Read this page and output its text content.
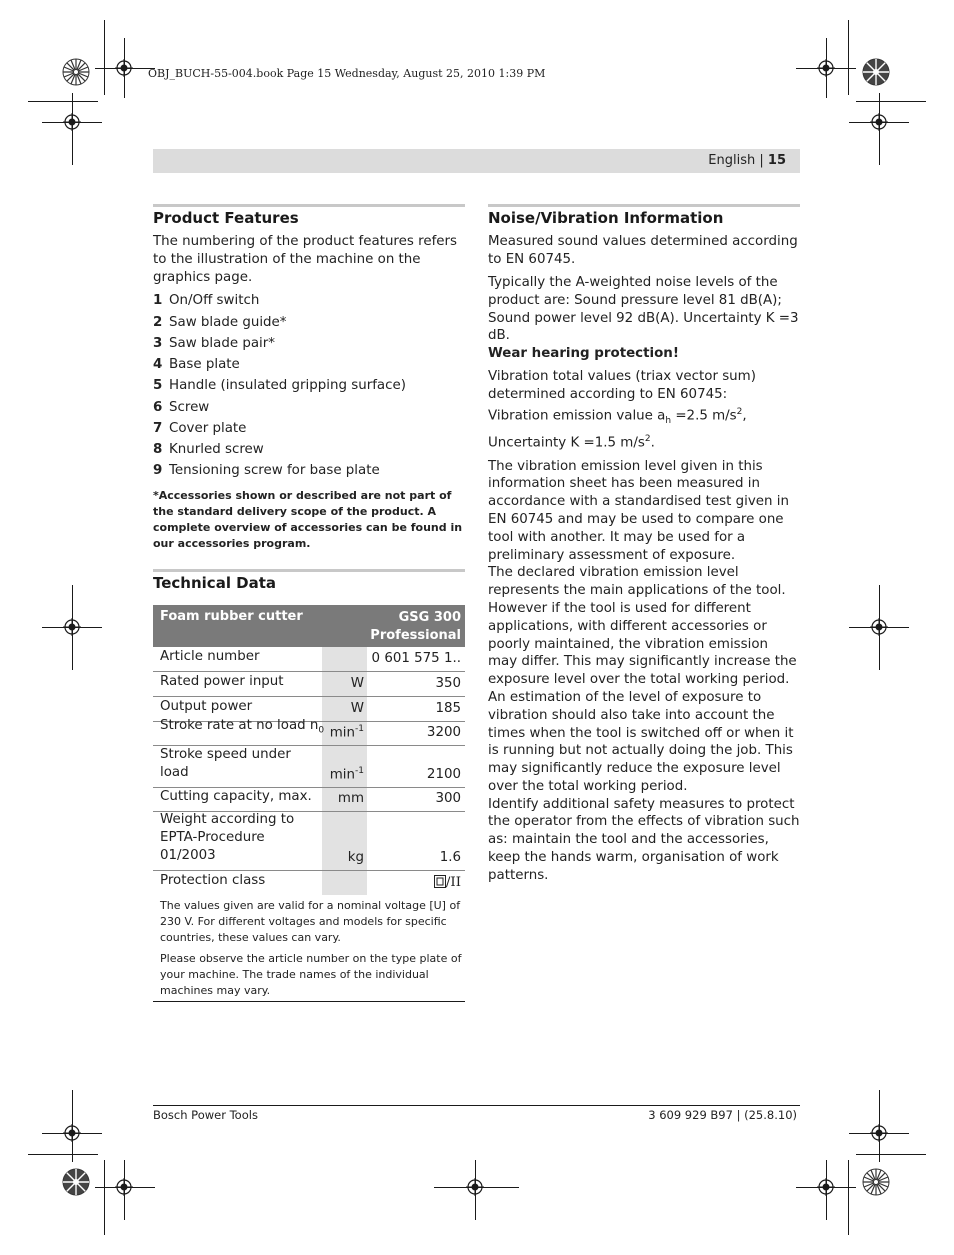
OBJ_BUCH-55-004.book Page 15 Wednesday, August 25, 2010 1:39 PM
English | 15
Product Features

The numbering of the product features refers to the illustration of the machine on the graphics page.

1 On/Off switch
2 Saw blade guide*
3 Saw blade pair*
4 Base plate
5 Handle (insulated gripping surface)
6 Screw
7 Cover plate
8 Knurled screw
9 Tensioning screw for base plate
*Accessories shown or described are not part of the standard delivery scope of the product. A complete overview of accessories can be found in our accessories program.
Technical Data
Foam rubber cutter	GSG 300
Professional
Article number	0 601 575 1..
Rated power input	W	350
Output power	W	185
Stroke rate at no load $n_0$ $\min^{-1}$	3200
Stroke speed under load	$\min^{-1}$	2100
Cutting capacity, max.	mm	300
Weight according to EPTA-Procedure 01/2003	kg	1.6
Protection class	/II
The values given are valid for a nominal voltage [U] of 230 V. For different voltages and models for specific countries, these values can vary.
Please observe the article number on the type plate of your machine. The trade names of the individual machines may vary.
Noise/Vibration Information

Measured sound values determined according to EN 60745.

Typically the A-weighted noise levels of the product are: Sound pressure level 81 dB(A); Sound power level 92 dB(A). Uncertainty K =3 dB.

Wear hearing protection!

Vibration total values (triax vector sum) determined according to EN 60745:

Vibration emission value $a_h =2.5$ $m/s^2$, Uncertainty K =1.5 $m/s^2$.

The vibration emission level given in this information sheet has been measured in accordance with a standardised test given in EN 60745 and may be used to compare one tool with another. It may be used for a preliminary assessment of exposure.

The declared vibration emission level represents the main applications of the tool. However if the tool is used for different applications, with different accessories or poorly maintained, the vibration emission may differ. This may significantly increase the exposure level over the total working period.

An estimation of the level of exposure to vibration should also take into account the times when the tool is switched off or when it is running but not actually doing the job. This may significantly reduce the exposure level over the total working period.

Identify additional safety measures to protect the operator from the effects of vibration such as: maintain the tool and the accessories, keep the hands warm, organisation of work patterns.

Bosch Power Tools	3 609 929 B97 | (25.8.10)
